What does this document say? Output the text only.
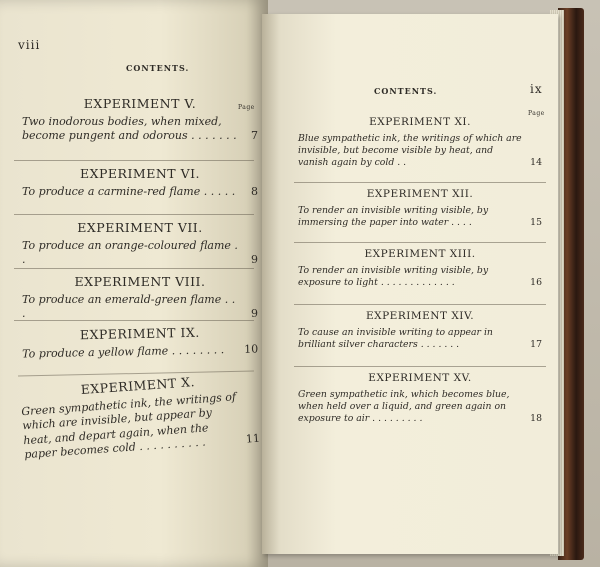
viii
CONTENTS.
Page
EXPERIMENT V.
Two inodorous bodies, when mixed, become pungent and odorous . . . . . . . 7
EXPERIMENT VI.
To produce a carmine-red flame . . . . . 8
EXPERIMENT VII.
To produce an orange-coloured flame . .	9
EXPERIMENT VIII.
To produce an emerald-green flame . . .	9
EXPERIMENT IX.
To produce a yellow flame . . . . . . . . 10
EXPERIMENT X.
Green sympathetic ink, the writings of which are invisible, but appear by heat, and depart again, when the paper becomes cold . . . . . . . . . .	11
CONTENTS.	ix
Page
EXPERIMENT XI.
Blue sympathetic ink, the writings of which are invisible, but become visible by heat, and vanish again by cold . .	14
EXPERIMENT XII.
To render an invisible writing visible, by immersing the paper into water . . . .	15
EXPERIMENT XIII.
To render an invisible writing visible, by exposure to light . . . . . . . . . . . . .	16
EXPERIMENT XIV.
To cause an invisible writing to appear in brilliant silver characters . . . . . . .	17
EXPERIMENT XV.
Green sympathetic ink, which becomes blue, when held over a liquid, and green again on exposure to air . . . . . . . . .	18
